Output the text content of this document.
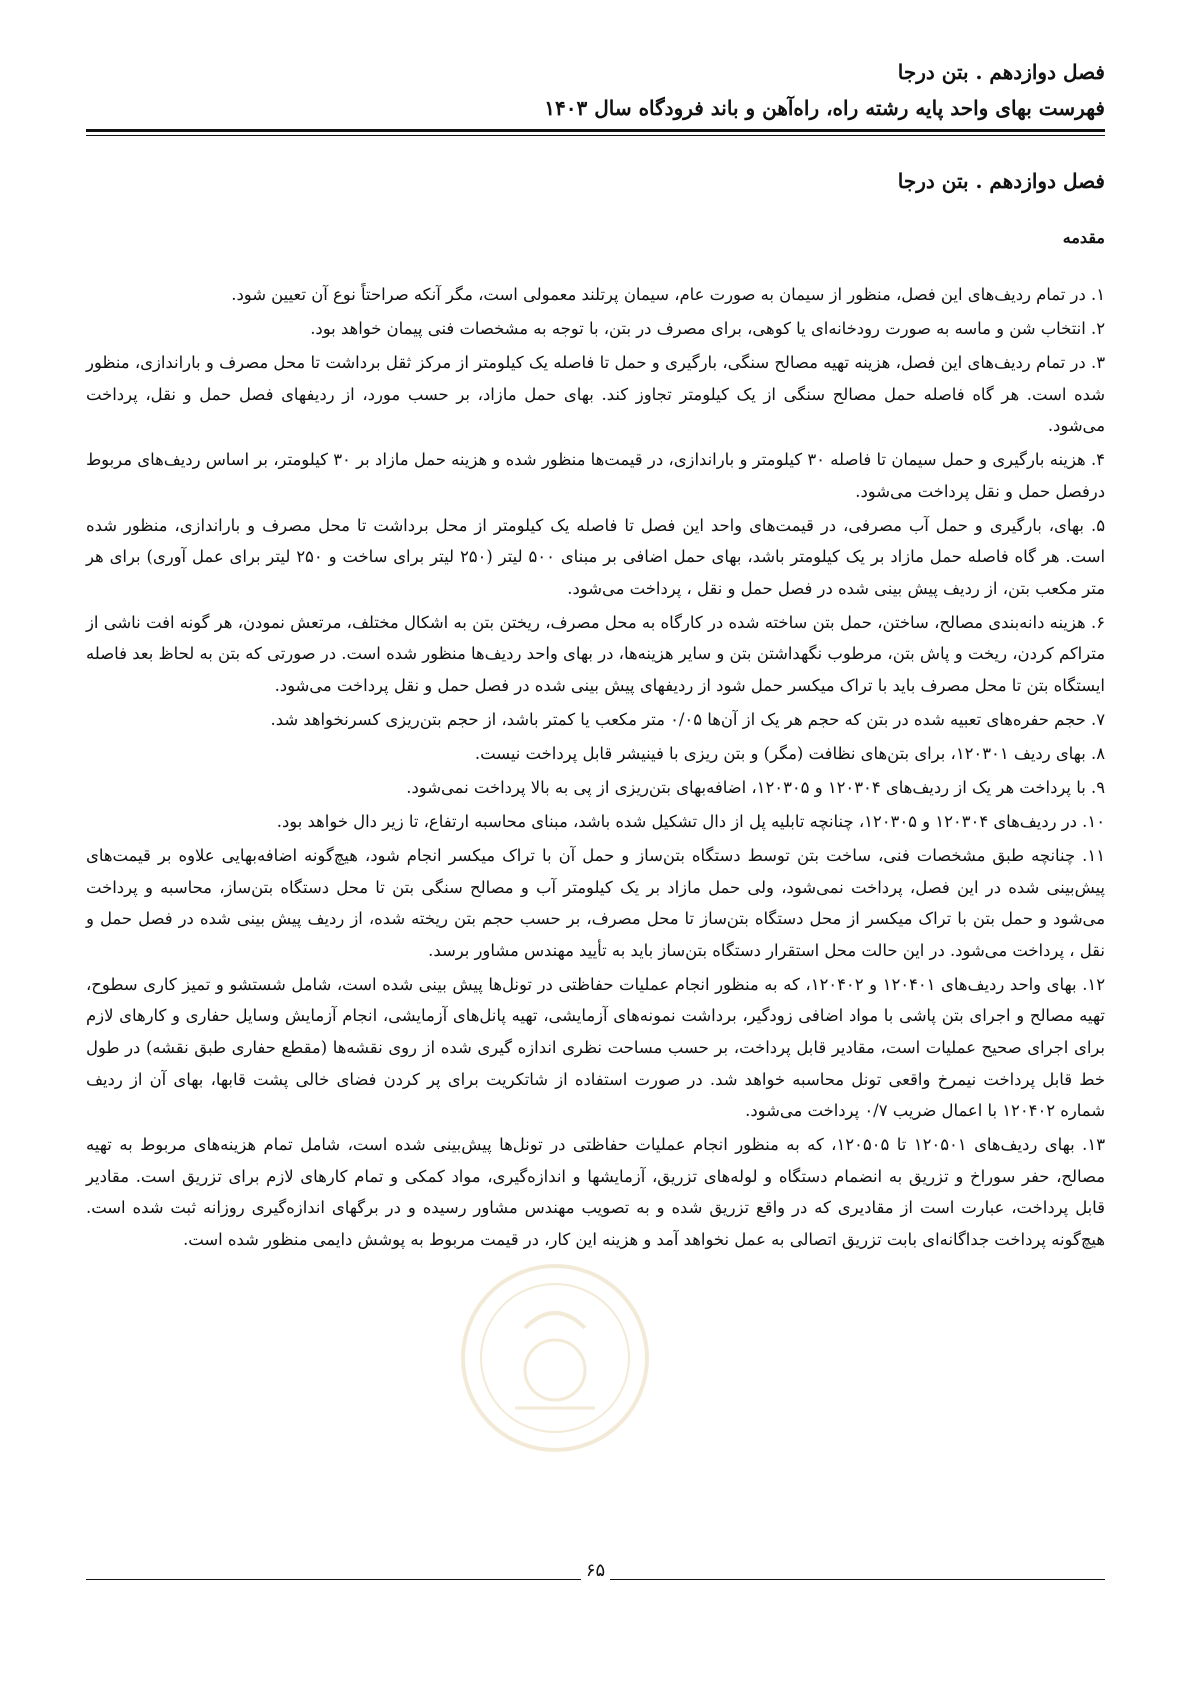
فصل دوازدهم . بتن درجا
فهرست بهای واحد پایه رشته راه، راه‌آهن و باند فرودگاه سال ۱۴۰۳
فصل دوازدهم . بتن درجا
مقدمه

۱. در تمام ردیف‌های این فصل، منظور از سیمان به صورت عام، سیمان پرتلند معمولی است، مگر آنکه صراحتاً نوع آن تعیین شود.

۲. انتخاب شن و ماسه به صورت رودخانه‌ای یا کوهی، برای مصرف در بتن، با توجه به مشخصات فنی پیمان خواهد بود.

۳. در تمام ردیف‌های این فصل، هزینه تهیه مصالح سنگی، بارگیری و حمل تا فاصله یک کیلومتر از مرکز ثقل برداشت تا محل مصرف و باراندازی، منظور شده است. هر گاه فاصله حمل مصالح سنگی از یک کیلومتر تجاوز کند. بهای حمل مازاد، بر حسب مورد، از ردیفهای فصل حمل و نقل، پرداخت می‌شود.

۴. هزینه بارگیری و حمل سیمان تا فاصله ۳۰ کیلومتر و باراندازی، در قیمت‌ها منظور شده و هزینه حمل مازاد بر ۳۰ کیلومتر، بر اساس ردیف‌های مربوط درفصل حمل و نقل پرداخت می‌شود.

۵. بهای، بارگیری و حمل آب مصرفی، در قیمت‌های واحد این فصل تا فاصله یک کیلومتر از محل برداشت تا محل مصرف و باراندازی، منظور شده است. هر گاه فاصله حمل مازاد بر یک کیلومتر باشد، بهای حمل اضافی بر مبنای ۵۰۰ لیتر (۲۵۰ لیتر برای ساخت و ۲۵۰ لیتر برای عمل آوری) برای هر متر مکعب بتن، از ردیف پیش بینی شده در فصل حمل و نقل ، پرداخت می‌شود.

۶. هزینه دانه‌بندی مصالح، ساختن، حمل بتن ساخته شده در کارگاه به محل مصرف، ریختن بتن به اشکال مختلف، مرتعش نمودن، هر گونه افت ناشی از متراکم کردن، ریخت و پاش بتن، مرطوب نگهداشتن بتن و سایر هزینه‌ها، در بهای واحد ردیف‌ها منظور شده است. در صورتی که بتن به لحاظ بعد فاصله ایستگاه بتن تا محل مصرف باید با تراک میکسر حمل شود از ردیفهای پیش بینی شده در فصل حمل و نقل پرداخت می‌شود.

۷. حجم حفره‌های تعبیه شده در بتن که حجم هر یک از آن‌ها ۰/۰۵ متر مکعب یا کمتر باشد، از حجم بتن‌ریزی کسرنخواهد شد.

۸. بهای ردیف ۱۲۰۳۰۱، برای بتن‌های نظافت (مگر) و بتن ریزی با فینیشر قابل پرداخت نیست.

۹. با پرداخت هر یک از ردیف‌های ۱۲۰۳۰۴ و ۱۲۰۳۰۵، اضافه‌بهای بتن‌ریزی از پی به بالا پرداخت نمی‌شود.

۱۰. در ردیف‌های ۱۲۰۳۰۴ و ۱۲۰۳۰۵، چنانچه تابلیه پل از دال تشکیل شده باشد، مبنای محاسبه ارتفاع، تا زیر دال خواهد بود.

۱۱. چنانچه طبق مشخصات فنی، ساخت بتن توسط دستگاه بتن‌ساز و حمل آن با تراک میکسر انجام شود، هیچ‌گونه اضافه‌بهایی علاوه بر قیمت‌های پیش‌بینی شده در این فصل، پرداخت نمی‌شود، ولی حمل مازاد بر یک کیلومتر آب و مصالح سنگی بتن تا محل دستگاه بتن‌ساز، محاسبه و پرداخت می‌شود و حمل بتن با تراک میکسر از محل دستگاه بتن‌ساز تا محل مصرف، بر حسب حجم بتن ریخته شده، از ردیف پیش بینی شده در فصل حمل و نقل ، پرداخت می‌شود. در این حالت محل استقرار دستگاه بتن‌ساز باید به تأیید مهندس مشاور برسد.

۱۲. بهای واحد ردیف‌های ۱۲۰۴۰۱ و ۱۲۰۴۰۲، که به منظور انجام عملیات حفاظتی در تونل‌ها پیش بینی شده است، شامل شستشو و تمیز کاری سطوح، تهیه مصالح و اجرای بتن پاشی با مواد اضافی زودگیر، برداشت نمونه‌های آزمایشی، تهیه پانل‌های آزمایشی، انجام آزمایش وسایل حفاری و کارهای لازم برای اجرای صحیح عملیات است، مقادیر قابل پرداخت، بر حسب مساحت نظری اندازه گیری شده از روی نقشه‌ها (مقطع حفاری طبق نقشه) در طول خط قابل پرداخت نیمرخ واقعی تونل محاسبه خواهد شد. در صورت استفاده از شاتکریت برای پر کردن فضای خالی پشت قابها، بهای آن از ردیف شماره ۱۲۰۴۰۲ با اعمال ضریب ۰/۷ پرداخت می‌شود.

۱۳. بهای ردیف‌های ۱۲۰۵۰۱ تا ۱۲۰۵۰۵، که به منظور انجام عملیات حفاظتی در تونل‌ها پیش‌بینی شده است، شامل تمام هزینه‌های مربوط به تهیه مصالح، حفر سوراخ و تزریق به انضمام دستگاه و لوله‌های تزریق، آزمایشها و اندازه‌گیری، مواد کمکی و تمام کارهای لازم برای تزریق است. مقادیر قابل پرداخت، عبارت است از مقادیری که در واقع تزریق شده و به تصویب مهندس مشاور رسیده و در برگهای اندازه‌گیری روزانه ثبت شده است. هیچ‌گونه پرداخت جداگانه‌ای بابت تزریق اتصالی به عمل نخواهد آمد و هزینه این کار، در قیمت مربوط به پوشش دایمی منظور شده است.

۶۵
